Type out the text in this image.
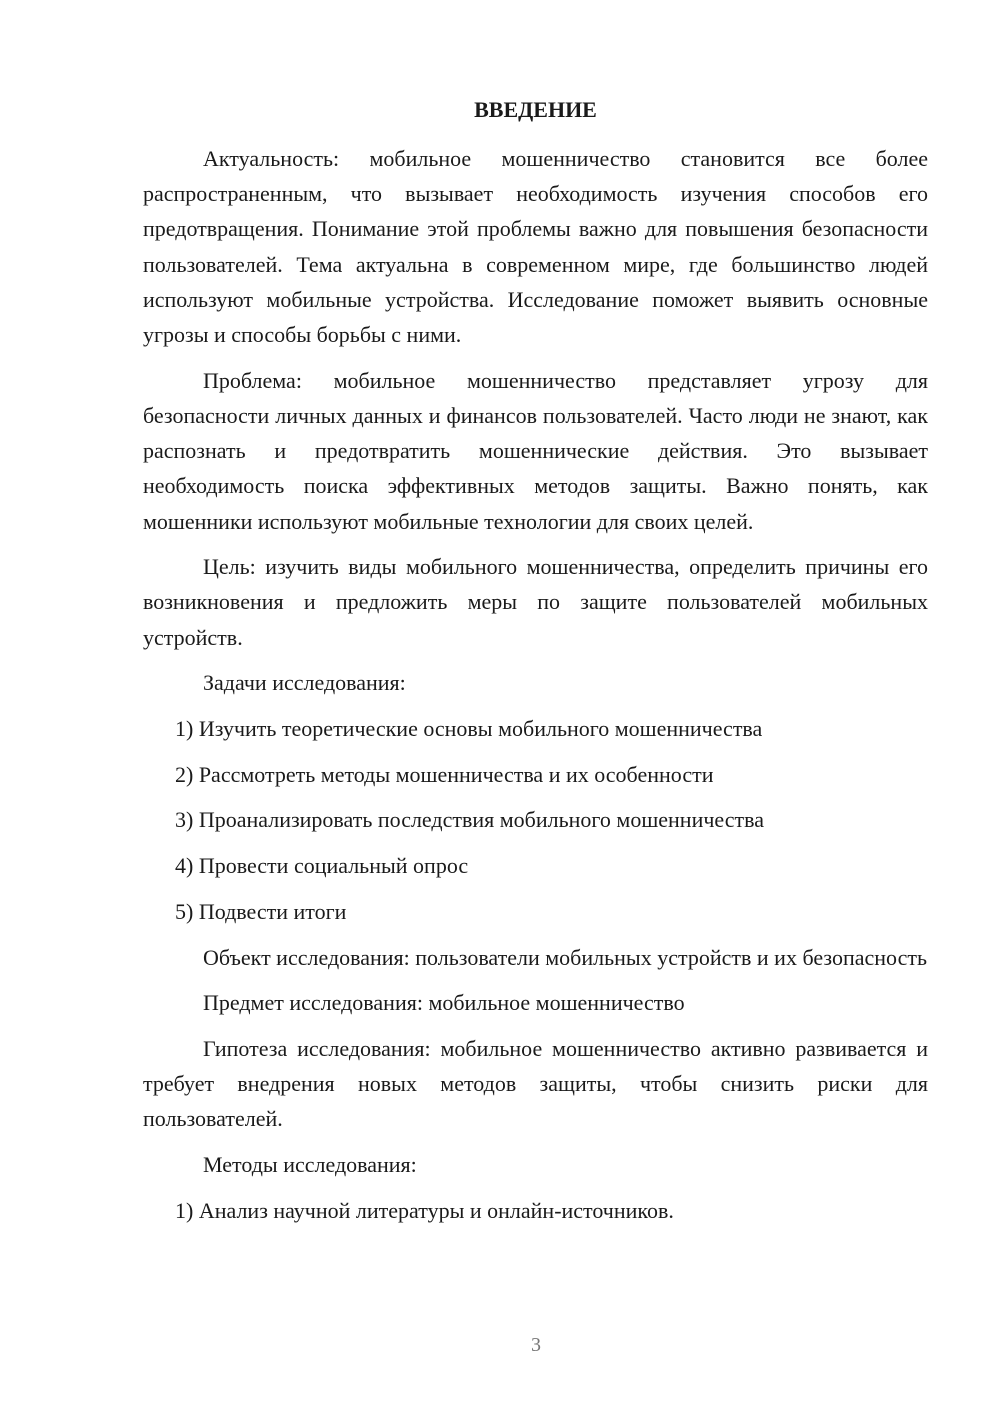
ВВЕДЕНИЕ

Актуальность: мобильное мошенничество становится все более распространенным, что вызывает необходимость изучения способов его предотвращения. Понимание этой проблемы важно для повышения безопасности пользователей. Тема актуальна в современном мире, где большинство людей используют мобильные устройства. Исследование поможет выявить основные угрозы и способы борьбы с ними.

Проблема: мобильное мошенничество представляет угрозу для безопасности личных данных и финансов пользователей. Часто люди не знают, как распознать и предотвратить мошеннические действия. Это вызывает необходимость поиска эффективных методов защиты. Важно понять, как мошенники используют мобильные технологии для своих целей.

Цель: изучить виды мобильного мошенничества, определить причины его возникновения и предложить меры по защите пользователей мобильных устройств.

Задачи исследования:

1) Изучить теоретические основы мобильного мошенничества

2) Рассмотреть методы мошенничества и их особенности

3) Проанализировать последствия мобильного мошенничества

4) Провести социальный опрос

5) Подвести итоги

Объект исследования: пользователи мобильных устройств и их безопасность

Предмет исследования: мобильное мошенничество

Гипотеза исследования: мобильное мошенничество активно развивается и требует внедрения новых методов защиты, чтобы снизить риски для пользователей.

Методы исследования:

1) Анализ научной литературы и онлайн-источников.

3
